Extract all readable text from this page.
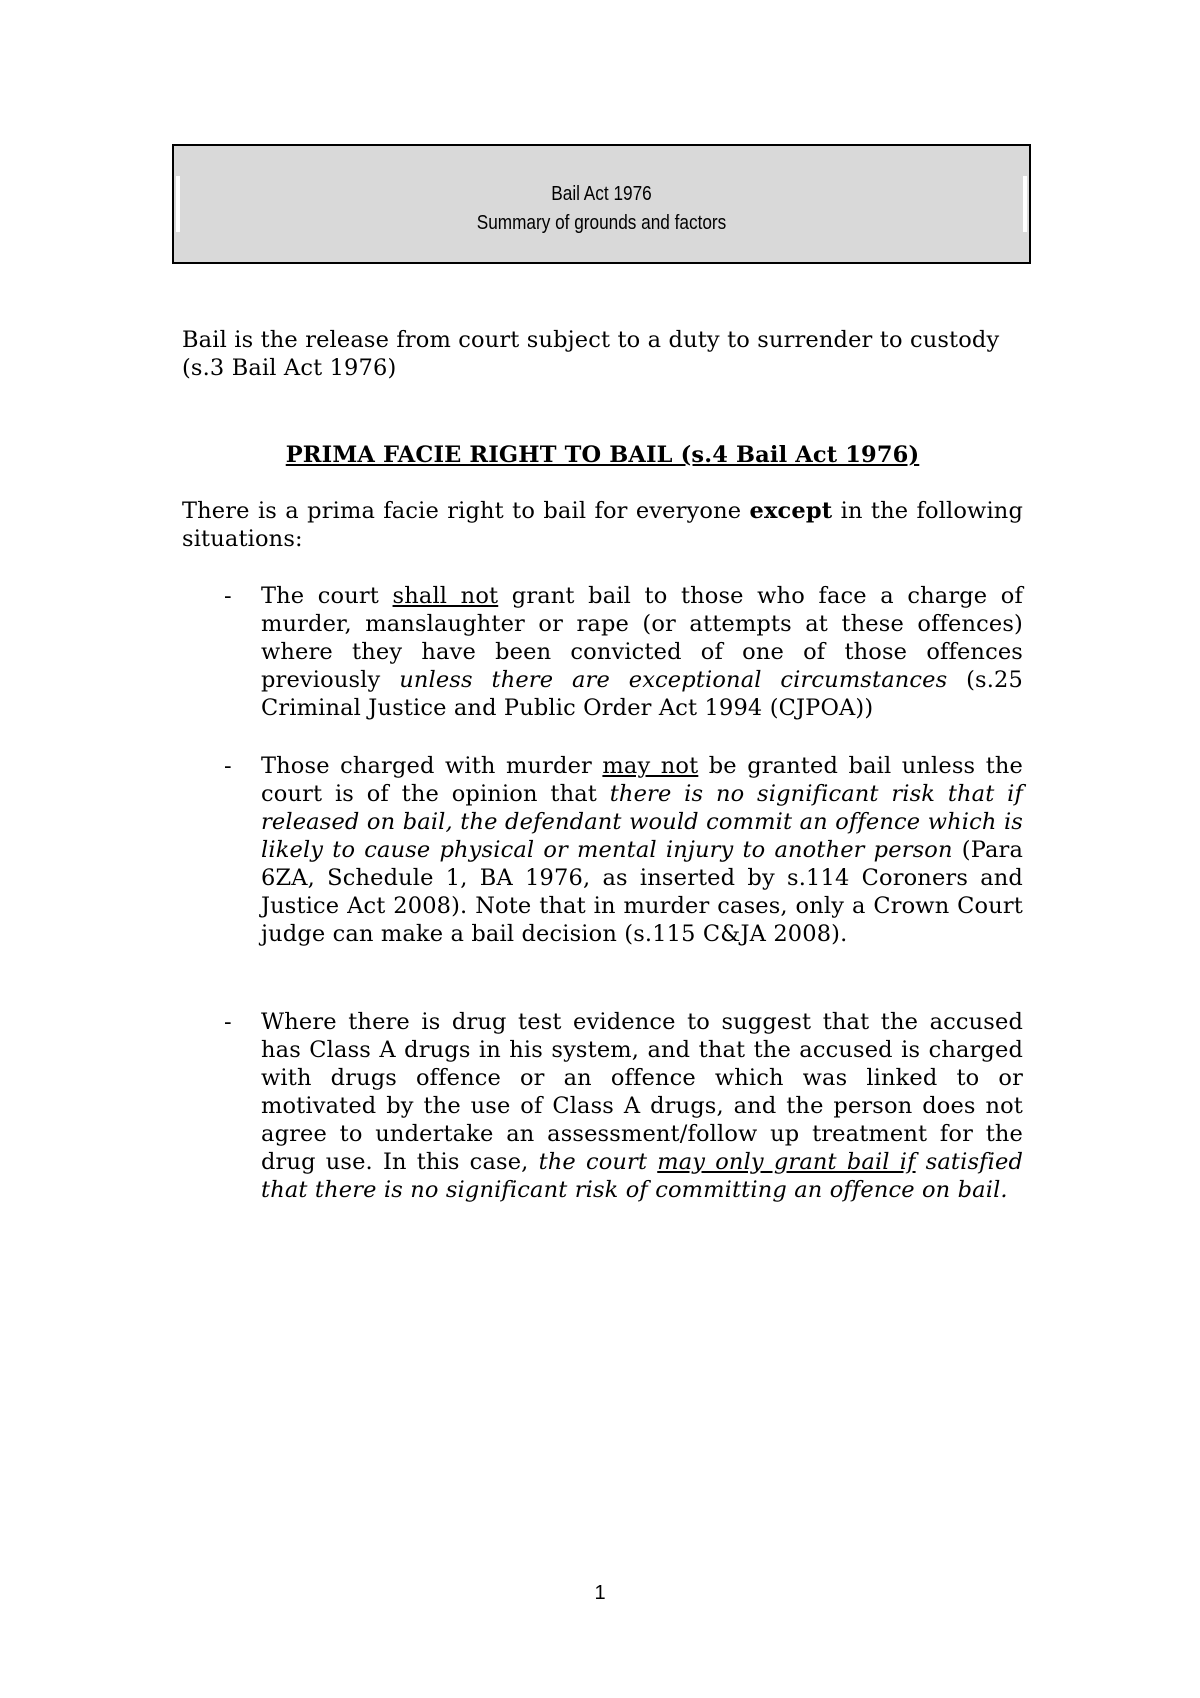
Bail Act 1976
Summary of grounds and factors
Bail is the release from court subject to a duty to surrender to custody (s.3 Bail Act 1976)
PRIMA FACIE RIGHT TO BAIL (s.4 Bail Act 1976)
There is a prima facie right to bail for everyone except in the following situations:
- The court shall not grant bail to those who face a charge of murder, manslaughter or rape (or attempts at these offences) where they have been convicted of one of those offences previously unless there are exceptional circumstances (s.25 Criminal Justice and Public Order Act 1994 (CJPOA))
- Those charged with murder may not be granted bail unless the court is of the opinion that there is no significant risk that if released on bail, the defendant would commit an offence which is likely to cause physical or mental injury to another person (Para 6ZA, Schedule 1, BA 1976, as inserted by s.114 Coroners and Justice Act 2008). Note that in murder cases, only a Crown Court judge can make a bail decision (s.115 C&JA 2008).
- Where there is drug test evidence to suggest that the accused has Class A drugs in his system, and that the accused is charged with drugs offence or an offence which was linked to or motivated by the use of Class A drugs, and the person does not agree to undertake an assessment/follow up treatment for the drug use. In this case, the court may only grant bail if satisfied that there is no significant risk of committing an offence on bail.
1
